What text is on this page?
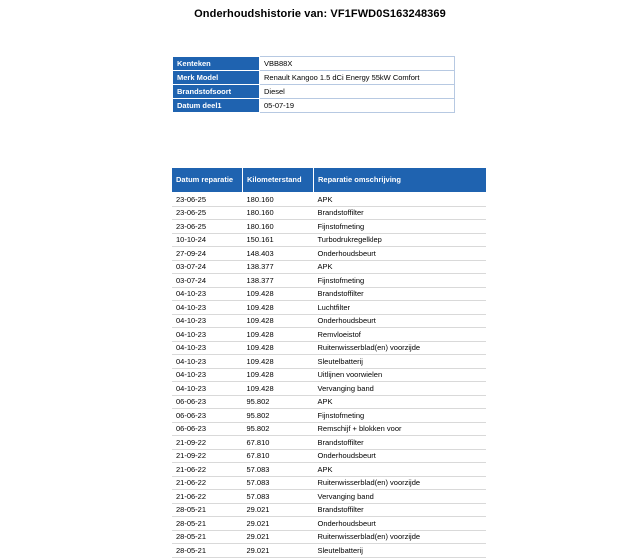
Onderhoudshistorie van: VF1FWD0S163248369
Kenteken	VBB88X
Merk Model	Renault Kangoo 1.5 dCi Energy 55kW Comfort
Brandstofsoort	Diesel
Datum deel1	05-07-19
Datum reparatie	Kilometerstand	Reparatie omschrijving
23-06-25	180.160	APK
23-06-25	180.160	Brandstoffilter
23-06-25	180.160	Fijnstofmeting
10-10-24	150.161	Turbodrukregelklep
27-09-24	148.403	Onderhoudsbeurt
03-07-24	138.377	APK
03-07-24	138.377	Fijnstofmeting
04-10-23	109.428	Brandstoffilter
04-10-23	109.428	Luchtfilter
04-10-23	109.428	Onderhoudsbeurt
04-10-23	109.428	Remvloeistof
04-10-23	109.428	Ruitenwisserblad(en) voorzijde
04-10-23	109.428	Sleutelbatterij
04-10-23	109.428	Uitlijnen voorwielen
04-10-23	109.428	Vervanging band
06-06-23	95.802	APK
06-06-23	95.802	Fijnstofmeting
06-06-23	95.802	Remschijf + blokken voor
21-09-22	67.810	Brandstoffilter
21-09-22	67.810	Onderhoudsbeurt
21-06-22	57.083	APK
21-06-22	57.083	Ruitenwisserblad(en) voorzijde
21-06-22	57.083	Vervanging band
28-05-21	29.021	Brandstoffilter
28-05-21	29.021	Onderhoudsbeurt
28-05-21	29.021	Ruitenwisserblad(en) voorzijde
28-05-21	29.021	Sleutelbatterij
